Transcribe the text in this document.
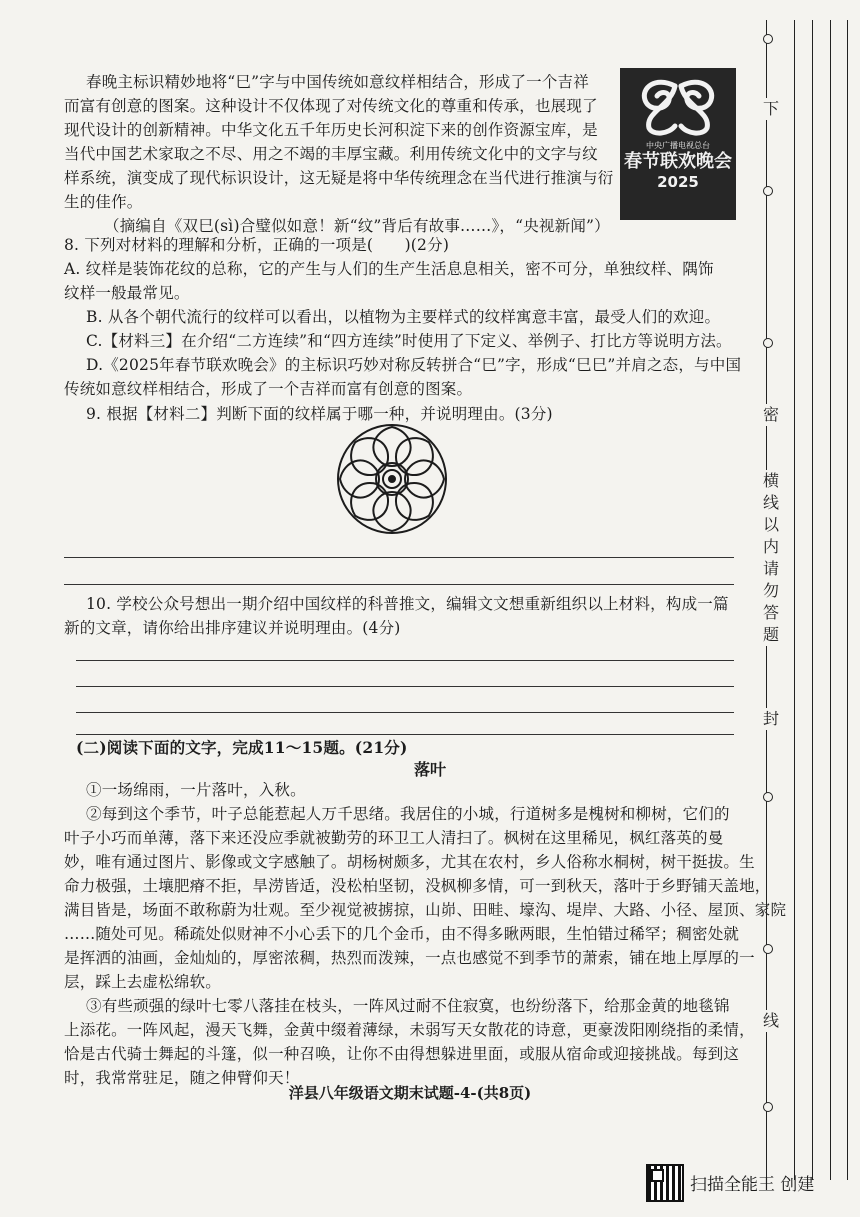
春晚主标识精妙地将“巳”字与中国传统如意纹样相结合，形成了一个吉祥
而富有创意的图案。这种设计不仅体现了对传统文化的尊重和传承，也展现了
现代设计的创新精神。中华文化五千年历史长河积淀下来的创作资源宝库，是
当代中国艺术家取之不尽、用之不竭的丰厚宝藏。利用传统文化中的文字与纹
样系统，演变成了现代标识设计，这无疑是将中华传统理念在当代进行推演与衍
生的佳作。
（摘编自《双巳(sì)合璧似如意！新“纹”背后有故事……》，“央视新闻”）
中央广播电视总台
春节联欢晚会
2025
8. 下列对材料的理解和分析，正确的一项是(　　)(2分)
A. 纹样是装饰花纹的总称，它的产生与人们的生产生活息息相关，密不可分，单独纹样、隅饰
纹样一般最常见。
B. 从各个朝代流行的纹样可以看出，以植物为主要样式的纹样寓意丰富，最受人们的欢迎。
C.【材料三】在介绍“二方连续”和“四方连续”时使用了下定义、举例子、打比方等说明方法。
D.《2025年春节联欢晚会》的主标识巧妙对称反转拼合“巳”字，形成“巳巳”并肩之态，与中国
传统如意纹样相结合，形成了一个吉祥而富有创意的图案。
9. 根据【材料二】判断下面的纹样属于哪一种，并说明理由。(3分)
10. 学校公众号想出一期介绍中国纹样的科普推文，编辑文文想重新组织以上材料，构成一篇
新的文章，请你给出排序建议并说明理由。(4分)
(二)阅读下面的文字，完成11～15题。(21分)
落叶
①一场绵雨，一片落叶，入秋。
②每到这个季节，叶子总能惹起人万千思绪。我居住的小城，行道树多是槐树和柳树，它们的
叶子小巧而单薄，落下来还没应季就被勤劳的环卫工人清扫了。枫树在这里稀见，枫红落英的曼
妙，唯有通过图片、影像或文字感触了。胡杨树颇多，尤其在农村，乡人俗称水桐树，树干挺拔。生
命力极强，土壤肥瘠不拒，旱涝皆适，没松柏坚韧，没枫柳多情，可一到秋天，落叶于乡野铺天盖地，
满目皆是，场面不敢称蔚为壮观。至少视觉被掳掠，山峁、田畦、壕沟、堤岸、大路、小径、屋顶、家院
……随处可见。稀疏处似财神不小心丢下的几个金币，由不得多瞅两眼，生怕错过稀罕；稠密处就
是挥洒的油画，金灿灿的，厚密浓稠，热烈而泼辣，一点也感觉不到季节的萧索，铺在地上厚厚的一
层，踩上去虚松绵软。
③有些顽强的绿叶七零八落挂在枝头，一阵风过耐不住寂寞，也纷纷落下，给那金黄的地毯锦
上添花。一阵风起，漫天飞舞，金黄中缀着薄绿，未弱写天女散花的诗意，更豪泼阳刚绕指的柔情，
恰是古代骑士舞起的斗篷，似一种召唤，让你不由得想躲进里面，或服从宿命或迎接挑战。每到这
时，我常常驻足，随之伸臂仰天！
洋县八年级语文期末试题-4-(共8页)
下
密
横线以内请勿答题
封
线
扫描全能王 创建
